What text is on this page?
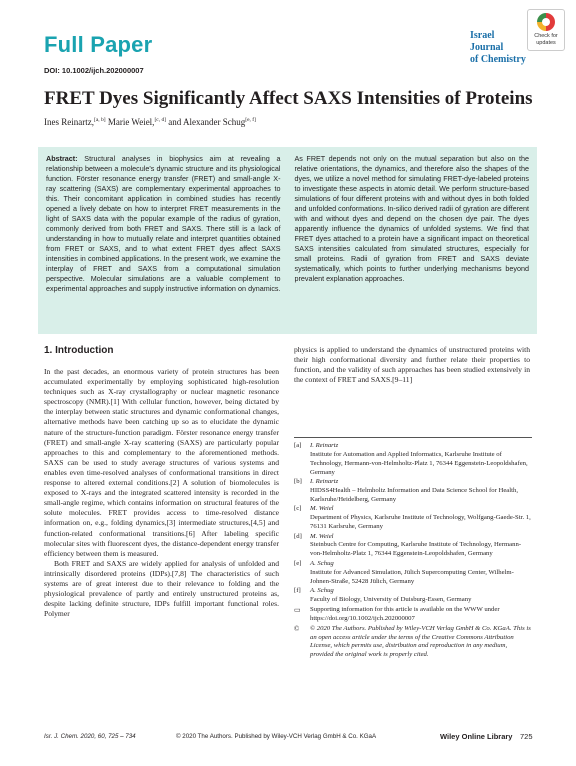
Full Paper	Israel Journal
of Chemistry
Check for updates
DOI: 10.1002/ijch.202000007
FRET Dyes Significantly Affect SAXS Intensities of Proteins
Ines Reinartz,[a, b] Marie Weiel,[c, d] and Alexander Schug[e, f]
Abstract: Structural analyses in biophysics aim at revealing a relationship between a molecule's dynamic structure and its physiological function. Förster resonance energy transfer (FRET) and small-angle X-ray scattering (SAXS) are complementary experimental approaches to this. Their concomitant application in combined studies has recently opened a lively debate on how to interpret FRET measurements in the light of SAXS data with the popular example of the radius of gyration, commonly derived from both FRET and SAXS. There still is a lack of understanding in how to mutually relate and interpret quantities obtained from FRET or SAXS, and to what extent FRET dyes affect SAXS intensities in combined applications. In the present work, we examine the interplay of FRET and SAXS from a computational simulation perspective. Molecular simulations are a valuable complement to experimental approaches and supply instructive information on dynamics. As FRET depends not only on the mutual separation but also on the relative orientations, the dynamics, and therefore also the shapes of the dyes, we utilize a novel method for simulating FRET-dye-labeled proteins to investigate these aspects in atomic detail. We perform structure-based simulations of four different proteins with and without dyes in both folded and unfolded conformations. In-silico derived radii of gyration are different with and without dyes and depend on the chosen dye pair. The dyes apparently influence the dynamics of unfolded systems. We find that FRET dyes attached to a protein have a significant impact on theoretical SAXS intensities calculated from simulated structures, especially for small proteins. Radii of gyration from FRET and SAXS deviate systematically, which points to further underlying mechanisms beyond prevalent explanation approaches.
1. Introduction

In the past decades, an enormous variety of protein structures has been accumulated experimentally by employing sophisticated high-resolution techniques such as X-ray crystallography or nuclear magnetic resonance spectroscopy (NMR).[1] With cellular function, however, being dictated by the interplay between static structures and dynamic conformational changes, alternative methods have been catching up so as to elucidate the dynamic nature of the structure-function paradigm. Förster resonance energy transfer (FRET) and small-angle X-ray scattering (SAXS) are particularly popular approaches to this and complementary to the aforementioned methods. SAXS can be used to study average structures of various systems and enables even time-resolved analyses of conformational transitions in direct response to altered external conditions.[2] A solution of biomolecules is exposed to X-rays and the integrated scattered intensity is recorded in the small-angle regime, which contains information on structural features of the solute molecules. FRET provides access to time-resolved distance information on, e.g., folding dynamics,[3] intermediate structures,[4,5] and function-related conformational transitions.[6] After labeling specific molecular sites with fluorescent dyes, the distance-dependent energy transfer efficiency between them is measured.

Both FRET and SAXS are widely applied for analysis of unfolded and intrinsically disordered proteins (IDPs).[7,8] The characteristics of such systems are of great interest due to their relevance to folding and the physiological prevalence of partly and entirely unstructured proteins as, despite lacking definite structure, IDPs fulfill important functional roles. Polymer

physics is applied to understand the dynamics of unstructured proteins with their high conformational diversity and further relate their properties to function, and the validity of such approaches has been studied extensively in the context of FRET and SAXS.[9–11]

[a]	I. Reinartz
Institute for Automation and Applied Informatics, Karlsruhe Institute of Technology, Hermann-von-Helmholtz-Platz 1, 76344 Eggenstein-Leopoldshafen, Germany
[b]	I. Reinartz
HIDSS4Health – Helmholtz Information and Data Science School for Health, Karlsruhe/Heidelberg, Germany
[c]	M. Weiel
Department of Physics, Karlsruhe Institute of Technology, Wolfgang-Gaede-Str. 1, 76131 Karlsruhe, Germany
[d]	M. Weiel
Steinbuch Centre for Computing, Karlsruhe Institute of Technology, Hermann-von-Helmholtz-Platz 1, 76344 Eggenstein-Leopoldshafen, Germany
[e]	A. Schug
Institute for Advanced Simulation, Jülich Supercomputing Center, Wilhelm-Johnen-Straße, 52428 Jülich, Germany
[f]	A. Schug
Faculty of Biology, University of Duisburg-Essen, Germany
▭	Supporting information for this article is available on the WWW under https://doi.org/10.1002/ijch.202000007
©	© 2020 The Authors. Published by Wiley-VCH Verlag GmbH & Co. KGaA. This is an open access article under the terms of the Creative Commons Attribution License, which permits use, distribution and reproduction in any medium, provided the original work is properly cited.
Isr. J. Chem. 2020, 60, 725 – 734	© 2020 The Authors. Published by Wiley-VCH Verlag GmbH & Co. KGaA	Wiley Online Library 725
